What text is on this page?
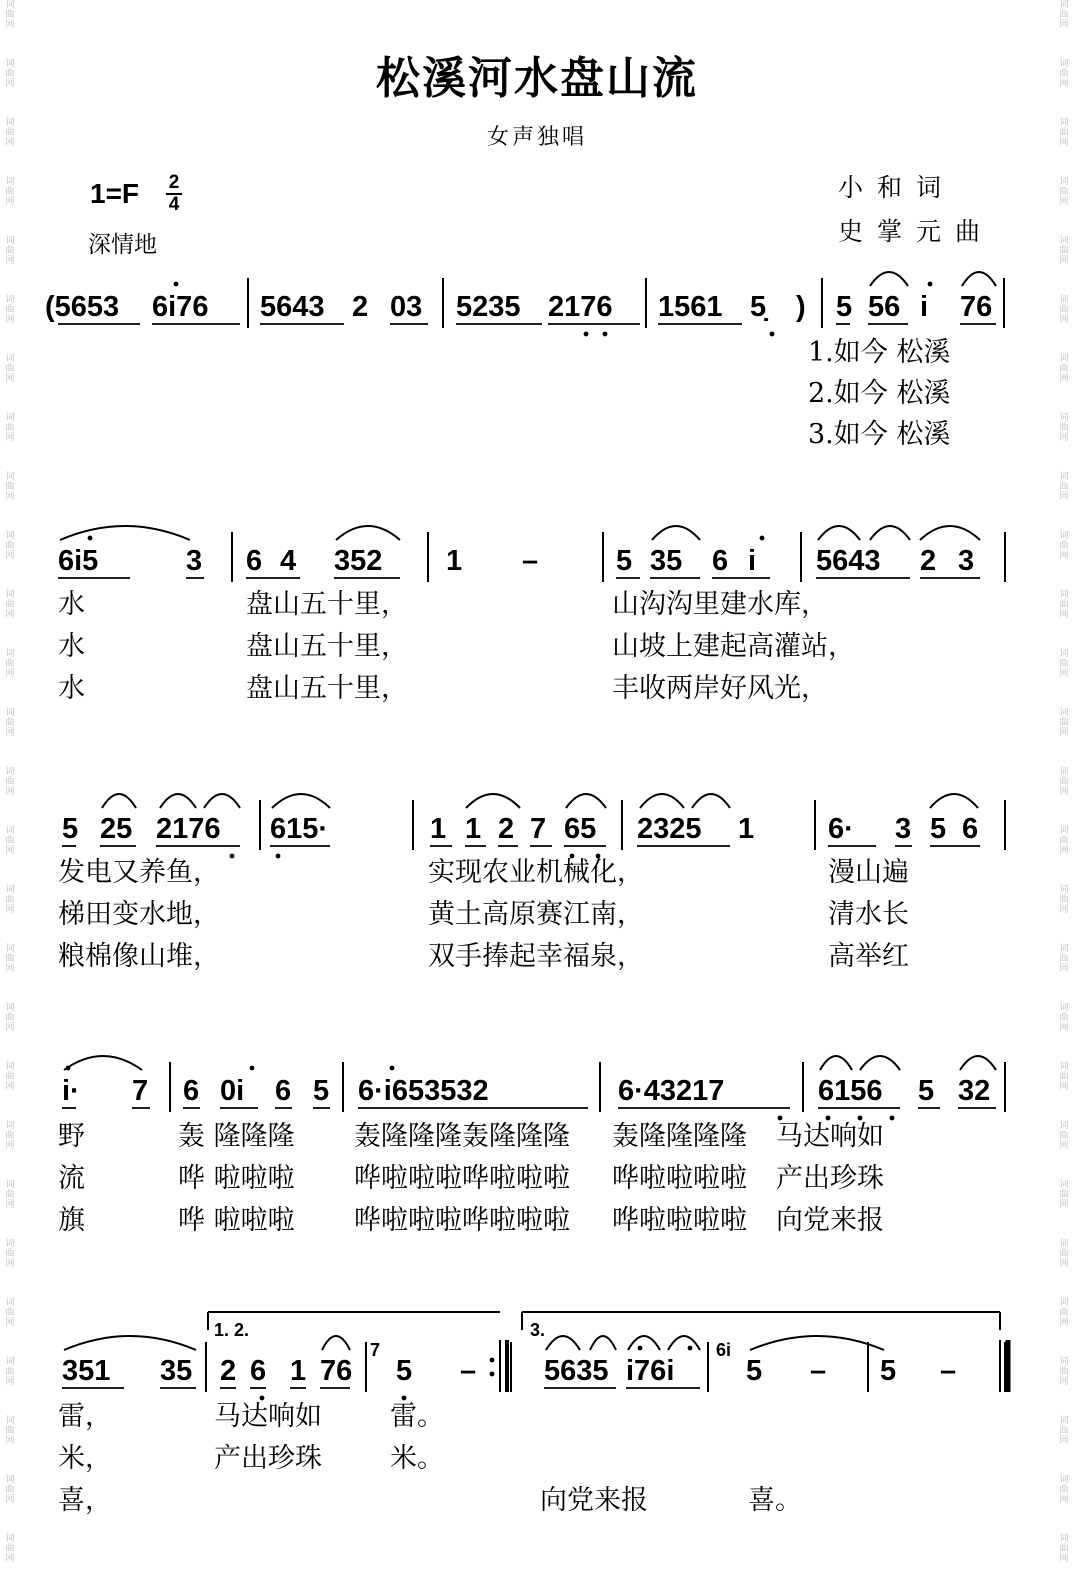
词
曲
网
词
曲
网
词
曲
网
词
曲
网
词
曲
网
词
曲
网
词
曲
网
词
曲
网
词
曲
网
词
曲
网
词
曲
网
词
曲
网
词
曲
网
词
曲
网
词
曲
网
词
曲
网
词
曲
网
词
曲
网
词
曲
网
词
曲
网
词
曲
网
词
曲
网
词
曲
网
词
曲
网
词
曲
网
词
曲
网
词
曲
网
词
曲
网
词
曲
网
词
曲
网
词
曲
网
词
曲
网
词
曲
网
词
曲
网
词
曲
网
词
曲
网
词
曲
网
词
曲
网
词
曲
网
词
曲
网
词
曲
网
词
曲
网
词
曲
网
词
曲
网
词
曲
网
词
曲
网
词
曲
网
词
曲
网
词
曲
网
词
曲
网
词
曲
网
词
曲
网
词
曲
网
词
曲
网
松溪河水盘山流
女声独唱
1=F 2
4
深情地
小和词
史掌元曲
(5653 6i76 5643 2 03 5235 2176 1561 5̣ ) 5 56 i 76
6i5	3 6 4 352 1 –	5 35 6 i 5643 2 3
5 25 2176 615·	1 1 2 7 65 2325 1	6· 3 5 6
i· 7 6 0i 6 5 6·i653532	6·43217	6156 5 32
351 35 2 6 1 76 5 – 5635 i76i 5 – 5 –
1. 2.	3.
7	6i
1.如今 松溪
2.如今 松溪
3.如今 松溪
水	盘山五十里，	山沟沟里建水库，
水	盘山五十里，	山坡上建起高灌站，
水	盘山五十里，	丰收两岸好风光，
发电又养鱼，	实现农业机械化，	漫山遍
梯田变水地，	黄土高原赛江南，	清水长
粮棉像山堆，	双手捧起幸福泉，	高举红
野	轰 隆隆隆 轰隆隆隆轰隆隆隆 轰隆隆隆隆 马达响如
流	哗 啦啦啦 哗啦啦啦哗啦啦啦 哗啦啦啦啦 产出珍珠
旗	哗 啦啦啦 哗啦啦啦哗啦啦啦 哗啦啦啦啦 向党来报
雷，	马达响如	雷。
米，	产出珍珠	米。
喜，	向党来报	喜。
